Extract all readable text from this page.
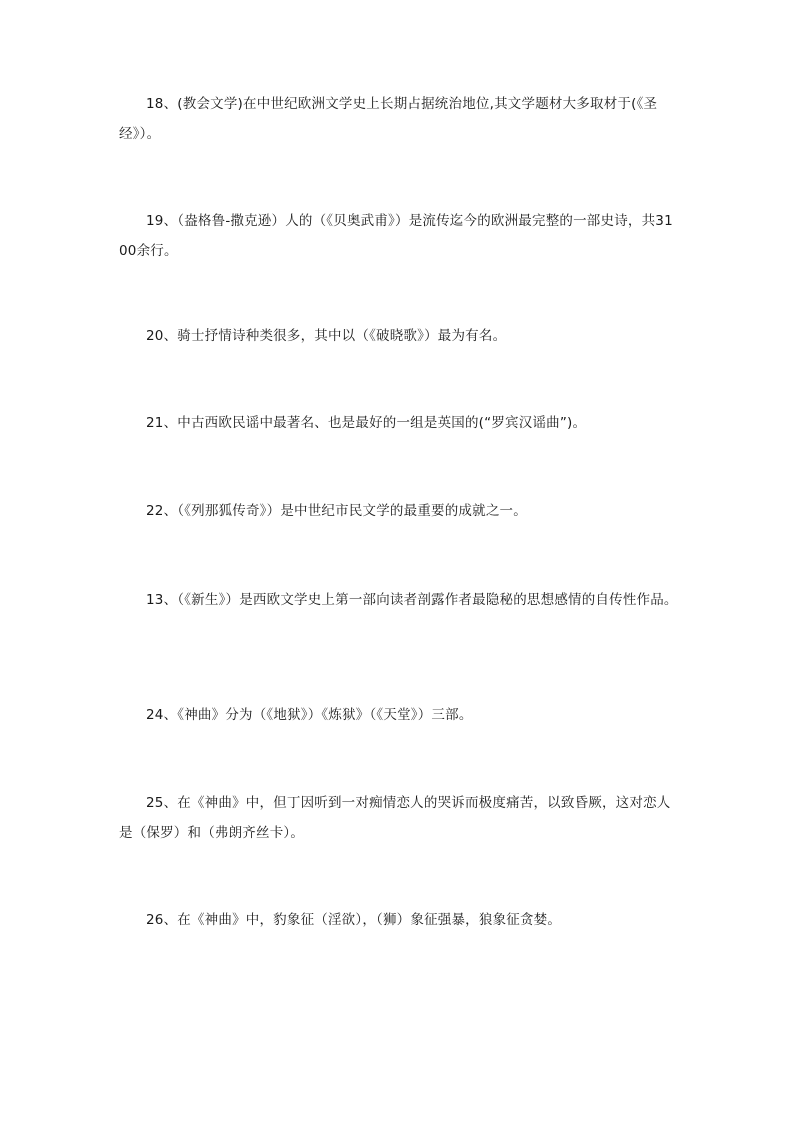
18、(教会文学)在中世纪欧洲文学史上长期占据统治地位,其文学题材大多取材于(《圣经》）。

19、（盎格鲁-撒克逊）人的（《贝奥武甫》）是流传迄今的欧洲最完整的一部史诗，共3100余行。

20、骑士抒情诗种类很多，其中以（《破晓歌》）最为有名。

21、中古西欧民谣中最著名、也是最好的一组是英国的(“罗宾汉谣曲”)。

22、（《列那狐传奇》）是中世纪市民文学的最重要的成就之一。

13、（《新生》）是西欧文学史上第一部向读者剖露作者最隐秘的思想感情的自传性作品。

24、《神曲》分为（《地狱》）《炼狱》（《天堂》）三部。

25、在《神曲》中，但丁因听到一对痴情恋人的哭诉而极度痛苦，以致昏厥，这对恋人是（保罗）和（弗朗齐丝卡）。

26、在《神曲》中，豹象征（淫欲），（狮）象征强暴，狼象征贪婪。
